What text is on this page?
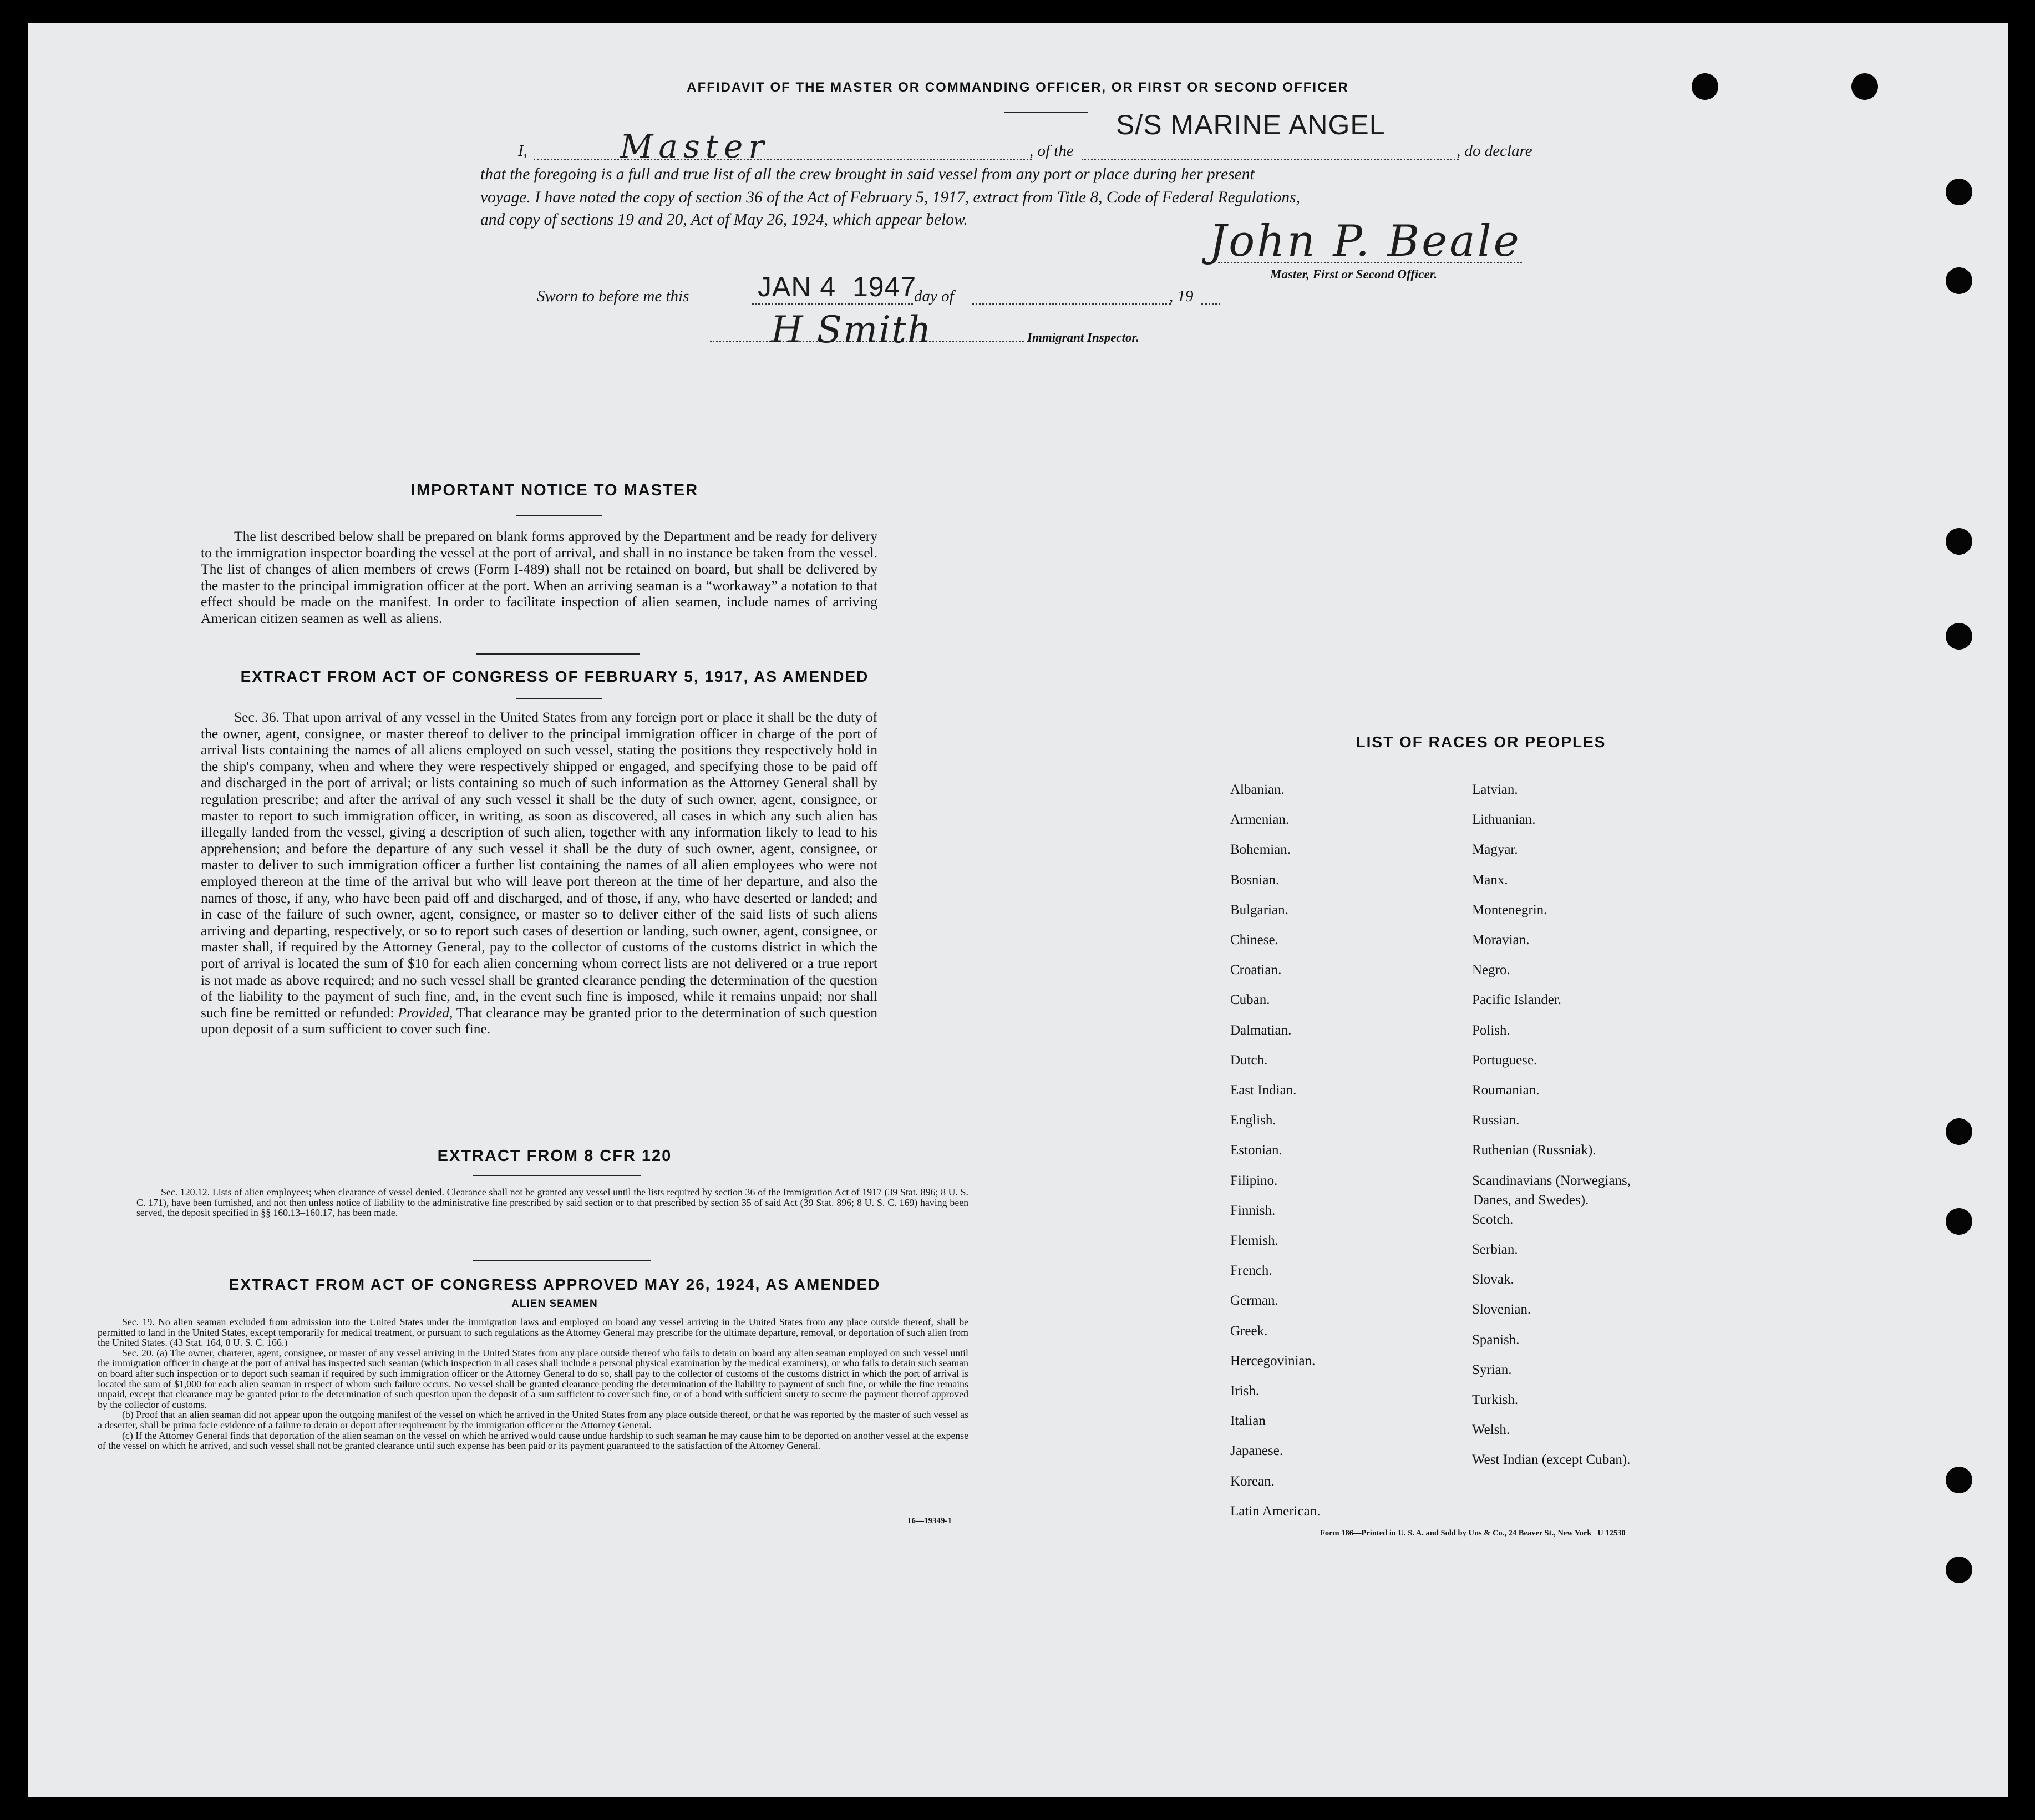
AFFIDAVIT OF THE MASTER OR COMMANDING OFFICER, OR FIRST OR SECOND OFFICER
I,	Master	, of the
S/S MARINE ANGEL
, do declare
that the foregoing is a full and true list of all the crew brought in said vessel from any port or place during her present
voyage. I have noted the copy of section 36 of the Act of February 5, 1917, extract from Title 8, Code of Federal Regulations,
and copy of sections 19 and 20, Act of May 26, 1924, which appear below.	John P. Beale
Master, First or Second Officer.
Sworn to before me this JAN 4  1947
day of	, 19
H Smith	Immigrant Inspector.
IMPORTANT NOTICE TO MASTER

The list described below shall be prepared on blank forms approved by the Department and be ready for delivery to the immigration inspector boarding the vessel at the port of arrival, and shall in no instance be taken from the vessel. The list of changes of alien members of crews (Form I-489) shall not be retained on board, but shall be delivered by the master to the principal immigration officer at the port. When an arriving seaman is a “workaway” a notation to that effect should be made on the manifest. In order to facilitate inspection of alien seamen, include names of arriving American citizen seamen as well as aliens.

EXTRACT FROM ACT OF CONGRESS OF FEBRUARY 5, 1917, AS AMENDED

Sec. 36. That upon arrival of any vessel in the United States from any foreign port or place it shall be the duty of the owner, agent, consignee, or master thereof to deliver to the principal immigration officer in charge of the port of arrival lists containing the names of all aliens employed on such vessel, stating the positions they respectively hold in the ship's company, when and where they were respectively shipped or engaged, and specifying those to be paid off and discharged in the port of arrival; or lists containing so much of such information as the Attorney General shall by regulation prescribe; and after the arrival of any such vessel it shall be the duty of such owner, agent, consignee, or master to report to such immigration officer, in writing, as soon as discovered, all cases in which any such alien has illegally landed from the vessel, giving a description of such alien, together with any information likely to lead to his apprehension; and before the departure of any such vessel it shall be the duty of such owner, agent, consignee, or master to deliver to such immigration officer a further list containing the names of all alien employees who were not employed thereon at the time of the arrival but who will leave port thereon at the time of her departure, and also the names of those, if any, who have been paid off and discharged, and of those, if any, who have deserted or landed; and in case of the failure of such owner, agent, consignee, or master so to deliver either of the said lists of such aliens arriving and departing, respectively, or so to report such cases of desertion or landing, such owner, agent, consignee, or master shall, if required by the Attorney General, pay to the collector of customs of the customs district in which the port of arrival is located the sum of $10 for each alien concerning whom correct lists are not delivered or a true report is not made as above required; and no such vessel shall be granted clearance pending the determination of the question of the liability to the payment of such fine, and, in the event such fine is imposed, while it remains unpaid; nor shall such fine be remitted or refunded: Provided, That clearance may be granted prior to the determination of such question upon deposit of a sum sufficient to cover such fine.

EXTRACT FROM 8 CFR 120

Sec. 120.12. Lists of alien employees; when clearance of vessel denied. Clearance shall not be granted any vessel until the lists required by section 36 of the Immigration Act of 1917 (39 Stat. 896; 8 U. S. C. 171), have been furnished, and not then unless notice of liability to the administrative fine prescribed by said section or to that prescribed by section 35 of said Act (39 Stat. 896; 8 U. S. C. 169) having been served, the deposit specified in §§ 160.13–160.17, has been made.

EXTRACT FROM ACT OF CONGRESS APPROVED MAY 26, 1924, AS AMENDED
ALIEN SEAMEN

Sec. 19. No alien seaman excluded from admission into the United States under the immigration laws and employed on board any vessel arriving in the United States from any place outside thereof, shall be permitted to land in the United States, except temporarily for medical treatment, or pursuant to such regulations as the Attorney General may prescribe for the ultimate departure, removal, or deportation of such alien from the United States. (43 Stat. 164, 8 U. S. C. 166.)

Sec. 20. (a) The owner, charterer, agent, consignee, or master of any vessel arriving in the United States from any place outside thereof who fails to detain on board any alien seaman employed on such vessel until the immigration officer in charge at the port of arrival has inspected such seaman (which inspection in all cases shall include a personal physical examination by the medical examiners), or who fails to detain such seaman on board after such inspection or to deport such seaman if required by such immigration officer or the Attorney General to do so, shall pay to the collector of customs of the customs district in which the port of arrival is located the sum of $1,000 for each alien seaman in respect of whom such failure occurs. No vessel shall be granted clearance pending the determination of the liability to payment of such fine, or while the fine remains unpaid, except that clearance may be granted prior to the determination of such question upon the deposit of a sum sufficient to cover such fine, or of a bond with sufficient surety to secure the payment thereof approved by the collector of customs.

(b) Proof that an alien seaman did not appear upon the outgoing manifest of the vessel on which he arrived in the United States from any place outside thereof, or that he was reported by the master of such vessel as a deserter, shall be prima facie evidence of a failure to detain or deport after requirement by the immigration officer or the Attorney General.

(c) If the Attorney General finds that deportation of the alien seaman on the vessel on which he arrived would cause undue hardship to such seaman he may cause him to be deported on another vessel at the expense of the vessel on which he arrived, and such vessel shall not be granted clearance until such expense has been paid or its payment guaranteed to the satisfaction of the Attorney General.

16—19349-1
LIST OF RACES OR PEOPLES
Albanian.
Armenian.
Bohemian.
Bosnian.
Bulgarian.
Chinese.
Croatian.
Cuban.
Dalmatian.
Dutch.
East Indian.
English.
Estonian.
Filipino.
Finnish.
Flemish.
French.
German.
Greek.
Hercegovinian.
Irish.
Italian
Japanese.
Korean.
Latin American.
Latvian.
Lithuanian.
Magyar.
Manx.
Montenegrin.
Moravian.
Negro.
Pacific Islander.
Polish.
Portuguese.
Roumanian.
Russian.
Ruthenian (Russniak).
Scandinavians (Norwegians,
Scotch.
Serbian.
Slovak.
Slovenian.
Spanish.
Syrian.
Turkish.
Welsh.
West Indian (except Cuban).
Danes, and Swedes).
Form 186—Printed in U. S. A. and Sold by Uns & Co., 24 Beaver St., New York   U 12530
